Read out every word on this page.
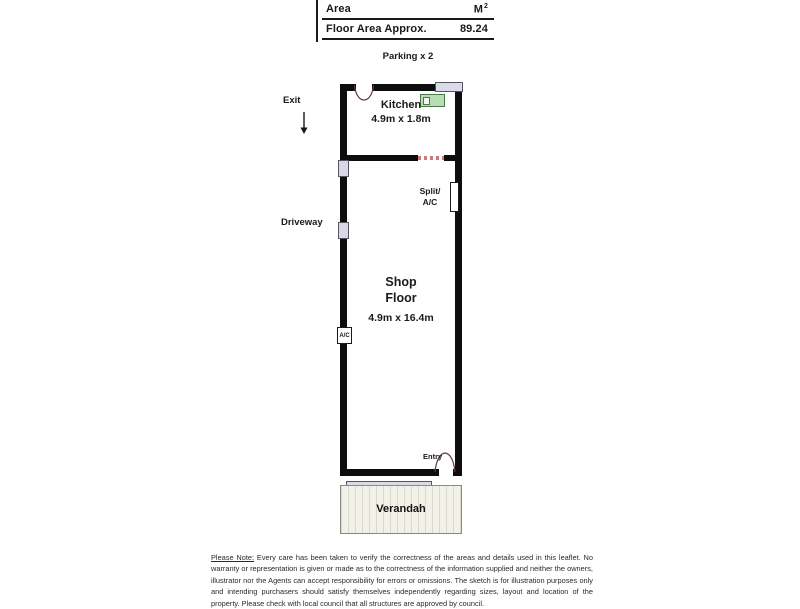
Area	$M^2$
Floor Area Approx.	89.24
Parking x 2
A/C
Split/
A/C
Kitchen
4.9m x 1.8m
Shop
Floor
4.9m x 16.4m
Exit
Driveway
Entry
Verandah
Please Note: Every care has been taken to verify the correctness of the areas and details used in this leaflet. No warranty or representation is given or made as to the correctness of the information supplied and neither the owners, illustrator nor the Agents can accept responsibility for errors or omissions. The sketch is for illustration purposes only and intending purchasers should satisfy themselves independently regarding sizes, layout and location of the property. Please check with local council that all structures are approved by council.
